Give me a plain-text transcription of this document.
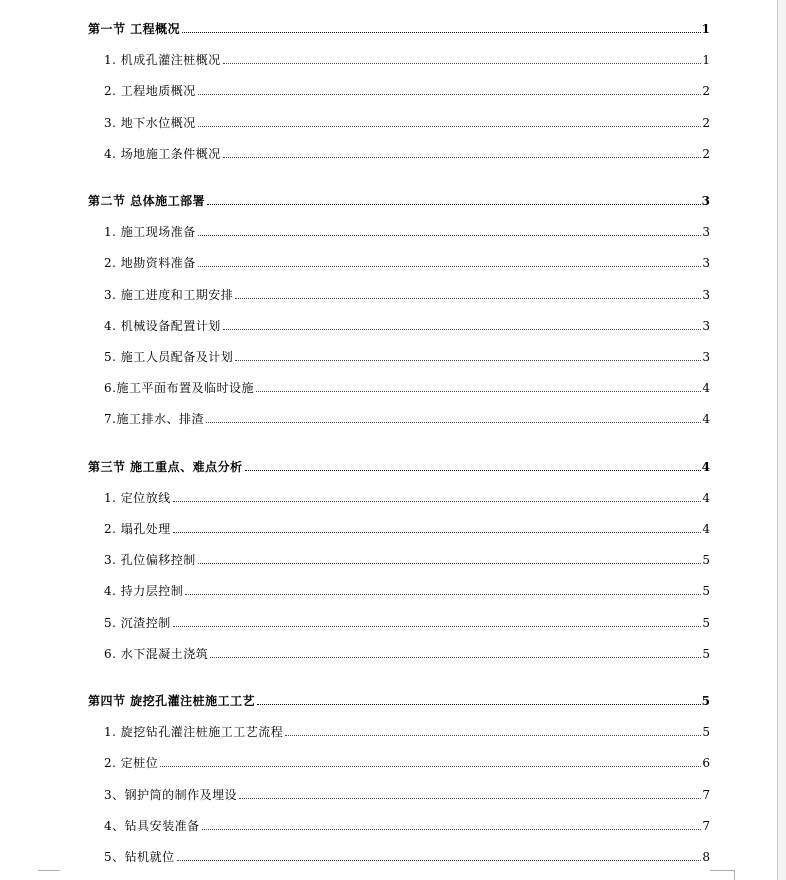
第一节 工程概况	1
1. 机成孔灌注桩概况	1
2. 工程地质概况	2
3. 地下水位概况	2
4. 场地施工条件概况	2
第二节 总体施工部署	3
1. 施工现场准备	3
2. 地勘资料准备	3
3. 施工进度和工期安排	3
4. 机械设备配置计划	3
5. 施工人员配备及计划	3
6.施工平面布置及临时设施	4
7.施工排水、排渣	4
第三节 施工重点、难点分析	4
1. 定位放线	4
2. 塌孔处理	4
3. 孔位偏移控制	5
4. 持力层控制	5
5. 沉渣控制	5
6. 水下混凝土浇筑	5
第四节 旋挖孔灌注桩施工工艺	5
1. 旋挖钻孔灌注桩施工工艺流程	5
2. 定桩位	6
3、钢护筒的制作及埋设	7
4、钻具安装准备	7
5、钻机就位	8
